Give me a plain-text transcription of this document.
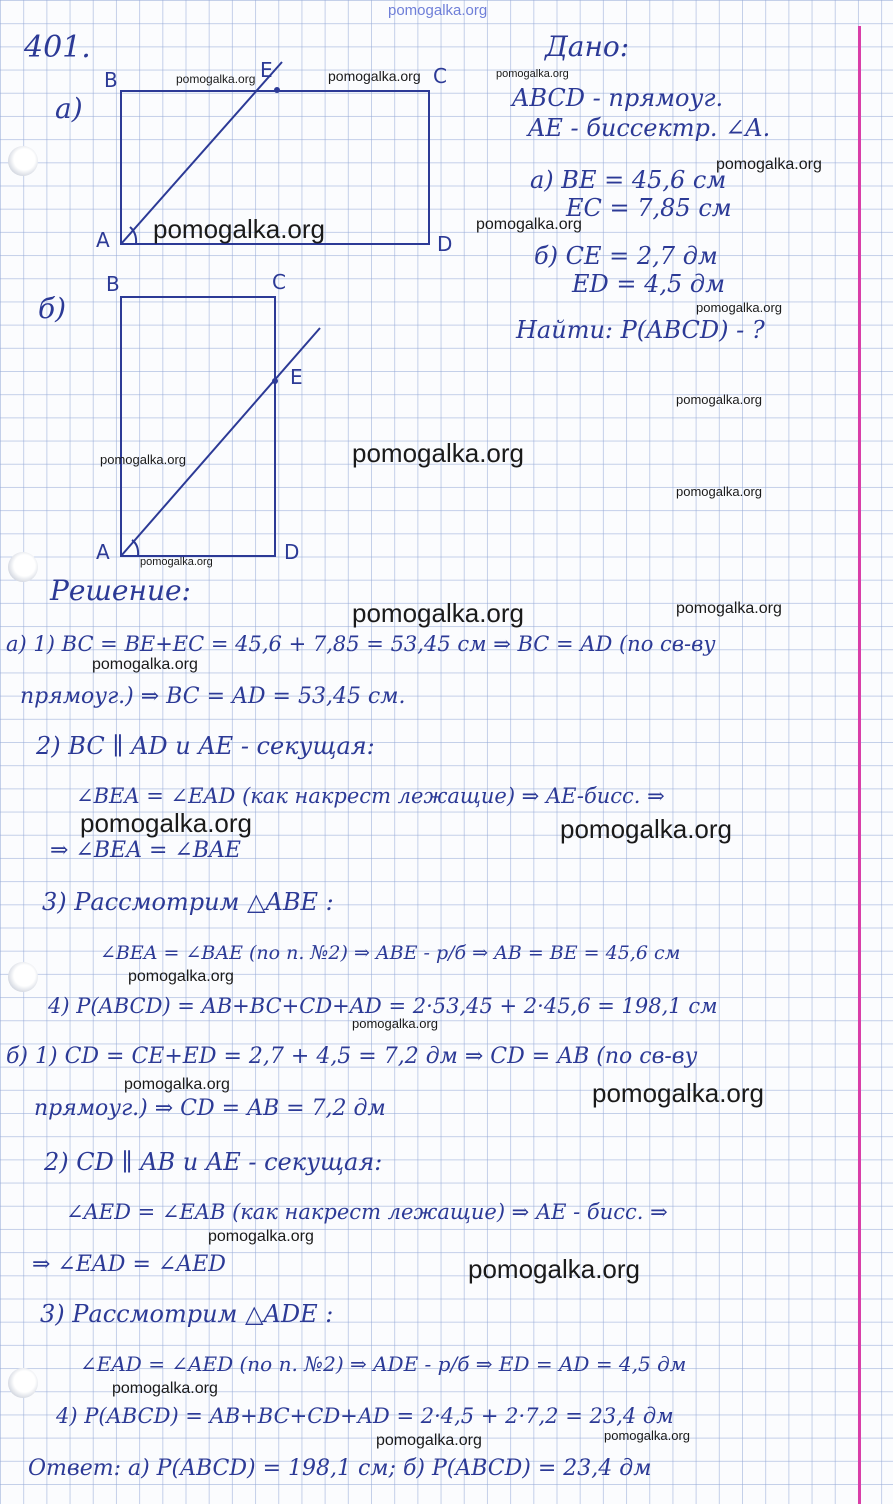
pomogalka.org
401.
а)
б)
B	C
E
A	D
B	C
E
A	D
Дано:
ABCD - прямоуг.
AE - биссектр. ∠A.
а) BE = 45,6 см
EC = 7,85 см
б) CE = 2,7 дм
ED = 4,5 дм
Найти: P(ABCD) - ?
Решение:
а) 1) BC = BE+EC = 45,6 + 7,85 = 53,45 см ⇒ BC = AD (по св-ву
прямоуг.) ⇒ BC = AD = 53,45 см.
2) BC ∥ AD и AE - секущая:
∠BEA = ∠EAD (как накрест лежащие) ⇒ AE-бисс. ⇒
⇒ ∠BEA = ∠BAE
3) Рассмотрим △ABE :
∠BEA = ∠BAE (по п. №2) ⇒ ABE - р/б ⇒ AB = BE = 45,6 см
4) P(ABCD) = AB+BC+CD+AD = 2·53,45 + 2·45,6 = 198,1 см
б) 1) CD = CE+ED = 2,7 + 4,5 = 7,2 дм ⇒ CD = AB (по св-ву
прямоуг.) ⇒ CD = AB = 7,2 дм
2) CD ∥ AB и AE - секущая:
∠AED = ∠EAB (как накрест лежащие) ⇒ AE - бисс. ⇒
⇒ ∠EAD = ∠AED
3) Рассмотрим △ADE :
∠EAD = ∠AED (по п. №2) ⇒ ADE - р/б ⇒ ED = AD = 4,5 дм
4) P(ABCD) = AB+BC+CD+AD = 2·4,5 + 2·7,2 = 23,4 дм
Ответ: а) P(ABCD) = 198,1 см; б) P(ABCD) = 23,4 дм
pomogalka.org	pomogalka.org	pomogalka.org
pomogalka.org
pomogalka.org	pomogalka.org
pomogalka.org
pomogalka.org
pomogalka.org
pomogalka.org
pomogalka.org
pomogalka.org
pomogalka.org	pomogalka.org
pomogalka.org
pomogalka.org	pomogalka.org
pomogalka.org
pomogalka.org
pomogalka.org	pomogalka.org
pomogalka.org
pomogalka.org
pomogalka.org
pomogalka.org	pomogalka.org
